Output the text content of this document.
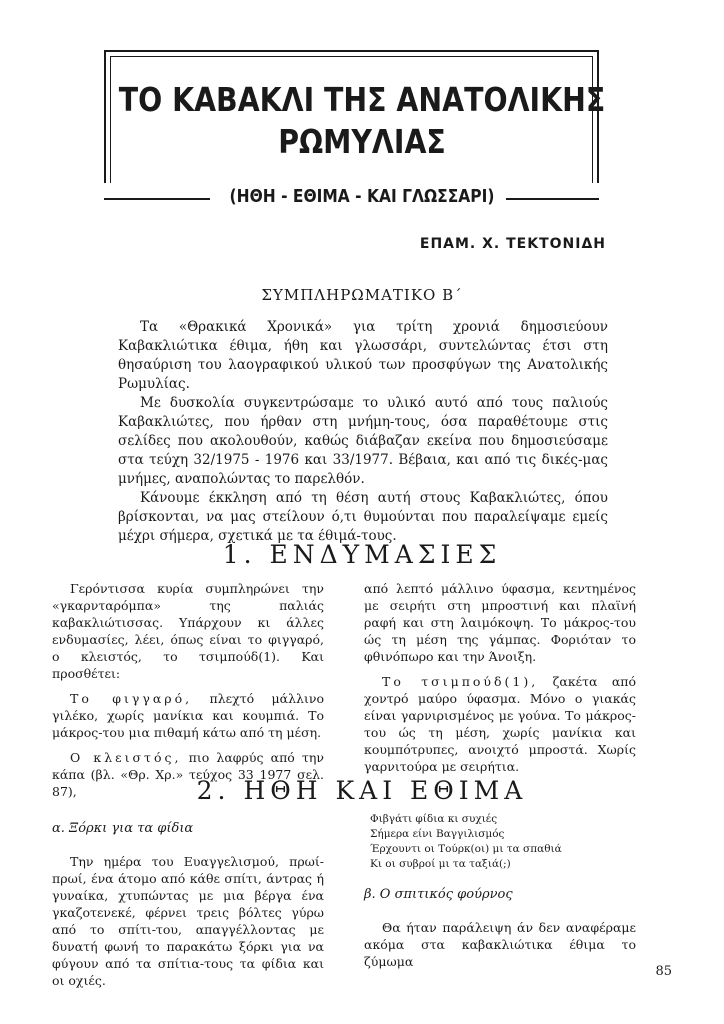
ΤΟ ΚΑΒΑΚΛΙ ΤΗΣ ΑΝΑΤΟΛΙΚΗΣ
ΡΩΜΥΛΙΑΣ
(ΗΘΗ - ΕΘΙΜΑ - ΚΑΙ ΓΛΩΣΣΑΡΙ)
ΕΠΑΜ. Χ. ΤΕΚΤΟΝΙΔΗ
ΣΥΜΠΛΗΡΩΜΑΤΙΚΟ Β΄

Τα «Θρακικά Χρονικά» για τρίτη χρονιά δημοσιεύουν Καβακλιώτικα έθιμα, ήθη και γλωσσάρι, συντελώντας έτσι στη θησαύριση του λαογραφικού υλικού των προσφύγων της Ανατολικής Ρωμυλίας.

Με δυσκολία συγκεντρώσαμε το υλικό αυτό από τους παλιούς Καβακλιώτες, που ήρθαν στη μνήμη-τους, όσα παραθέτουμε στις σελίδες που ακολουθούν, καθώς διάβαζαν εκείνα που δημοσιεύσαμε στα τεύχη 32/1975 - 1976 και 33/1977. Βέβαια, και από τις δικές-μας μνήμες, αναπολώντας το παρελθόν.

Κάνουμε έκκληση από τη θέση αυτή στους Καβακλιώτες, όπου βρίσκονται, να μας στείλουν ό,τι θυμούνται που παραλείψαμε εμείς μέχρι σήμερα, σχετικά με τα έθιμά-τους.

1. ΕΝΔΥΜΑΣΙΕΣ

Γερόντισσα κυρία συμπληρώνει την «γκαρνταρόμπα» της παλιάς καβακλιώτισσας. Υπάρχουν κι άλλες ενδυμασίες, λέει, όπως είναι το φιγγαρό, ο κλειστός, το τσιμπούδ(1). Και προσθέτει:

Το φιγγαρό, πλεχτό μάλλινο γιλέκο, χωρίς μανίκια και κουμπιά. Το μάκρος-του μια πιθαμή κάτω από τη μέση.

Ο κλειστός, πιο λαφρύς από την κάπα (βλ. «Θρ. Χρ.» τεύχος 33 1977 σελ. 87),

από λεπτό μάλλινο ύφασμα, κεντημένος με σειρήτι στη μπροστινή και πλαϊνή ραφή και στη λαιμόκοψη. Το μάκρος-του ώς τη μέση της γάμπας. Φοριόταν το φθινόπωρο και την Άνοιξη.

Το τσιμπούδ(1), ζακέτα από χοντρό μαύρο ύφασμα. Μόνο ο γιακάς είναι γαρνιρισμένος με γούνα. Το μάκρος-του ώς τη μέση, χωρίς μανίκια και κουμπότρυπες, ανοιχτό μπροστά. Χωρίς γαρνιτούρα με σειρήτια.

2. ΗΘΗ ΚΑΙ ΕΘΙΜΑ

α. Ξόρκι για τα φίδια

Την ημέρα του Ευαγγελισμού, πρωί-πρωί, ένα άτομο από κάθε σπίτι, άντρας ή γυναίκα, χτυπώντας με μια βέργα ένα γκαζοτενεκέ, φέρνει τρεις βόλτες γύρω από το σπίτι-του, απαγγέλλοντας με δυνατή φωνή το παρακάτω ξόρκι για να φύγουν από τα σπίτια-τους τα φίδια και οι οχιές.

Φιβγάτι φίδια κι συχιές
Σήμερα είνι Βαγγιλισμός
Έρχουντι οι Τούρκ(οι) μι τα σπαθιά
Κι οι συβροί μι τα ταξιά(;)

β. Ο σπιτικός φούρνος

Θα ήταν παράλειψη άν δεν αναφέραμε ακόμα στα καβακλιώτικα έθιμα το ζύμωμα

85
